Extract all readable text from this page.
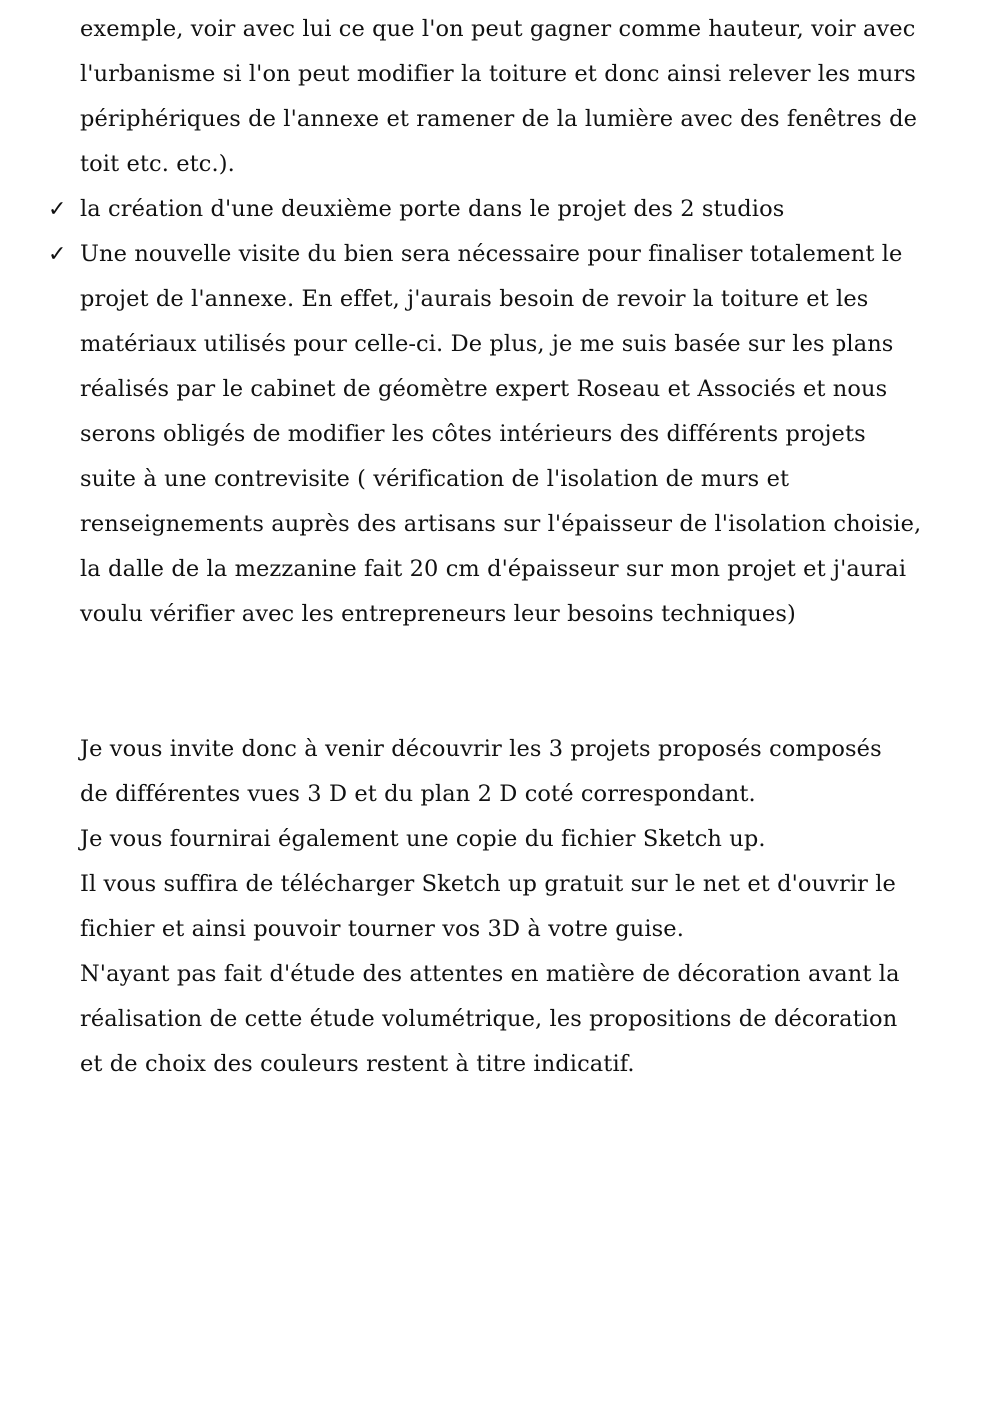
exemple, voir avec lui ce que l'on peut gagner comme hauteur, voir avec
l'urbanisme si l'on peut modifier la toiture et donc ainsi relever les murs
périphériques de l'annexe et ramener de la lumière avec des fenêtres de
toit etc. etc.).
✓ la création d'une deuxième porte dans le projet des 2 studios
✓ Une nouvelle visite du bien sera nécessaire pour finaliser totalement le
projet de l'annexe. En effet, j'aurais besoin de revoir la toiture et les
matériaux utilisés pour celle-ci. De plus, je me suis basée sur les plans
réalisés par le cabinet de géomètre expert Roseau et Associés et nous
serons obligés de modifier les côtes intérieurs des différents projets
suite à une contrevisite ( vérification de l'isolation de murs et
renseignements auprès des artisans sur l'épaisseur de l'isolation choisie,
la dalle de la mezzanine fait 20 cm d'épaisseur sur mon projet et j'aurai
voulu vérifier avec les entrepreneurs leur besoins techniques)
Je vous invite donc à venir découvrir les 3 projets proposés composés
de différentes vues 3 D et du plan 2 D coté correspondant.
Je vous fournirai également une copie du fichier Sketch up.
Il vous suffira de télécharger Sketch up gratuit sur le net et d'ouvrir le
fichier et ainsi pouvoir tourner vos 3D à votre guise.
N'ayant pas fait d'étude des attentes en matière de décoration avant la
réalisation de cette étude volumétrique, les propositions de décoration
et de choix des couleurs restent à titre indicatif.
